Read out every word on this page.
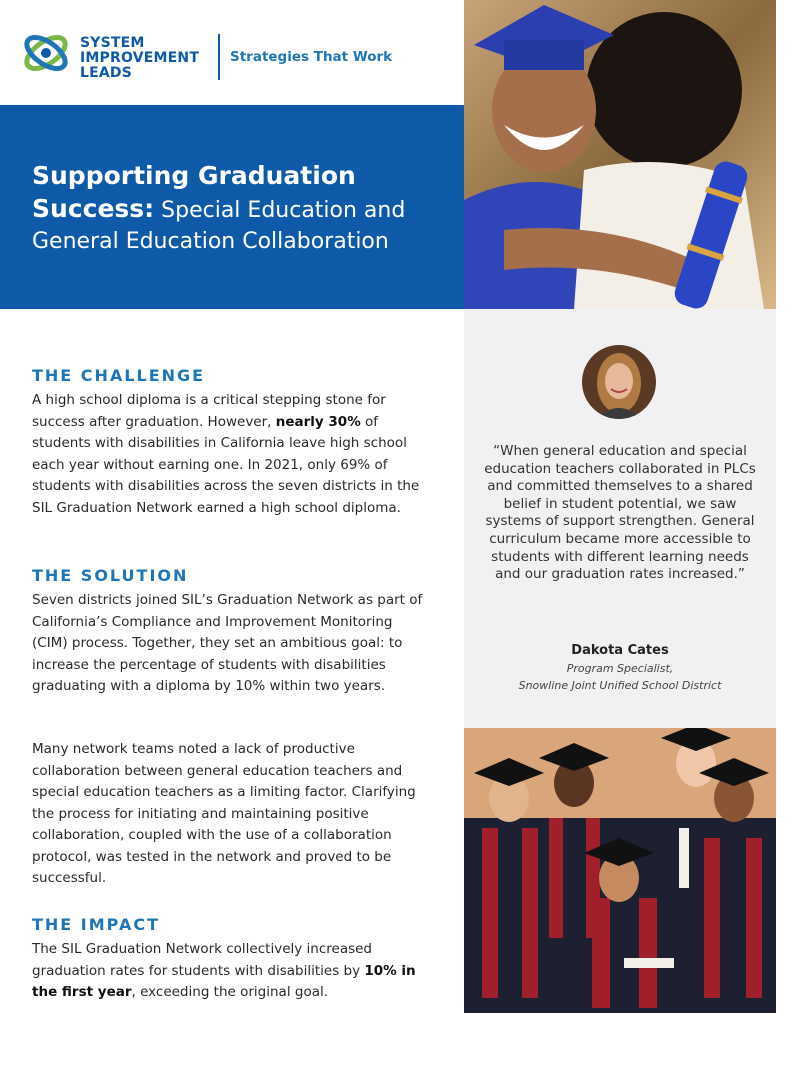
SYSTEM
IMPROVEMENT
LEADS
Strategies That Work
Supporting Graduation Success: Special Education and General Education Collaboration
“When general education and special education teachers collaborated in PLCs and committed themselves to a shared belief in student potential, we saw systems of support strengthen. General curriculum became more accessible to students with different learning needs and our graduation rates increased.”
Dakota Cates
Program Specialist,
Snowline Joint Unified School District
THE CHALLENGE
A high school diploma is a critical stepping stone for success after graduation. However, nearly 30% of students with disabilities in California leave high school each year without earning one. In 2021, only 69% of students with disabilities across the seven districts in the SIL Graduation Network earned a high school diploma.
THE SOLUTION
Seven districts joined SIL’s Graduation Network as part of California’s Compliance and Improvement Monitoring (CIM) process. Together, they set an ambitious goal: to increase the percentage of students with disabilities graduating with a diploma by 10% within two years.
Many network teams noted a lack of productive collaboration between general education teachers and special education teachers as a limiting factor. Clarifying the process for initiating and maintaining positive collaboration, coupled with the use of a collaboration protocol, was tested in the network and proved to be successful.
THE IMPACT
The SIL Graduation Network collectively increased graduation rates for students with disabilities by 10% in the first year, exceeding the original goal.
